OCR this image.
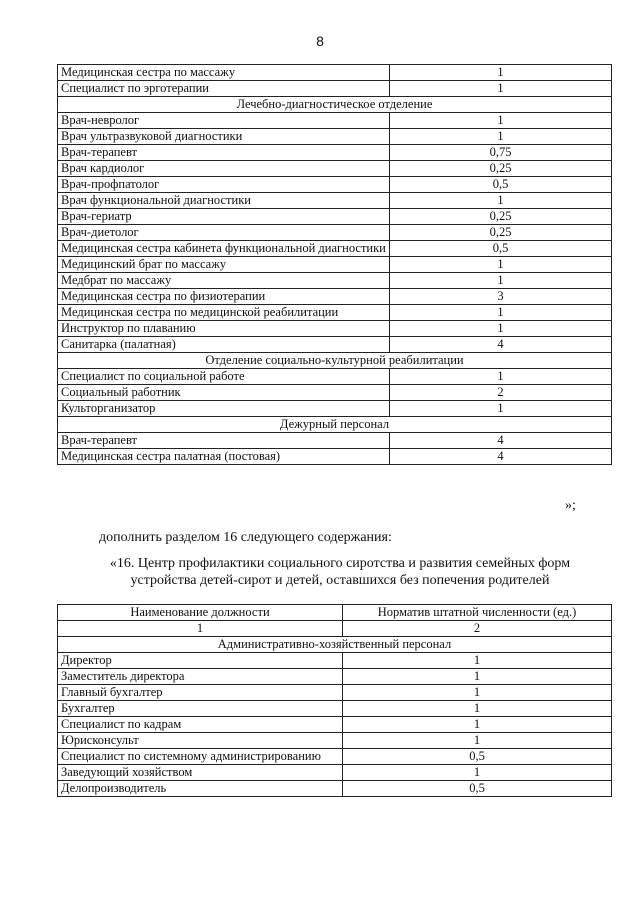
8
Медицинская сестра по массажу	1
Специалист по эрготерапии	1
Лечебно-диагностическое отделение	
Врач-невролог	1
Врач ультразвуковой диагностики	1
Врач-терапевт	0,75
Врач кардиолог	0,25
Врач-профпатолог	0,5
Врач функциональной диагностики	1
Врач-гериатр	0,25
Врач-диетолог	0,25
Медицинская сестра кабинета функциональной диагностики	0,5
Медицинский брат по массажу	1
Медбрат по массажу	1
Медицинская сестра по физиотерапии	3
Медицинская сестра по медицинской реабилитации	1
Инструктор по плаванию	1
Санитарка (палатная)	4
Отделение социально-культурной реабилитации	
Специалист по социальной работе	1
Социальный работник	2
Культорганизатор	1
Дежурный персонал	
Врач-терапевт	4
Медицинская сестра палатная (постовая)	4
»;
дополнить разделом 16 следующего содержания:
«16. Центр профилактики социального сиротства и развития семейных форм
устройства детей-сирот и детей, оставшихся без попечения родителей
Наименование должности	Норматив штатной численности (ед.)
1	2
Административно-хозяйственный персонал	
Директор	1
Заместитель директора	1
Главный бухгалтер	1
Бухгалтер	1
Специалист по кадрам	1
Юрисконсульт	1
Специалист по системному администрированию	0,5
Заведующий хозяйством	1
Делопроизводитель	0,5
